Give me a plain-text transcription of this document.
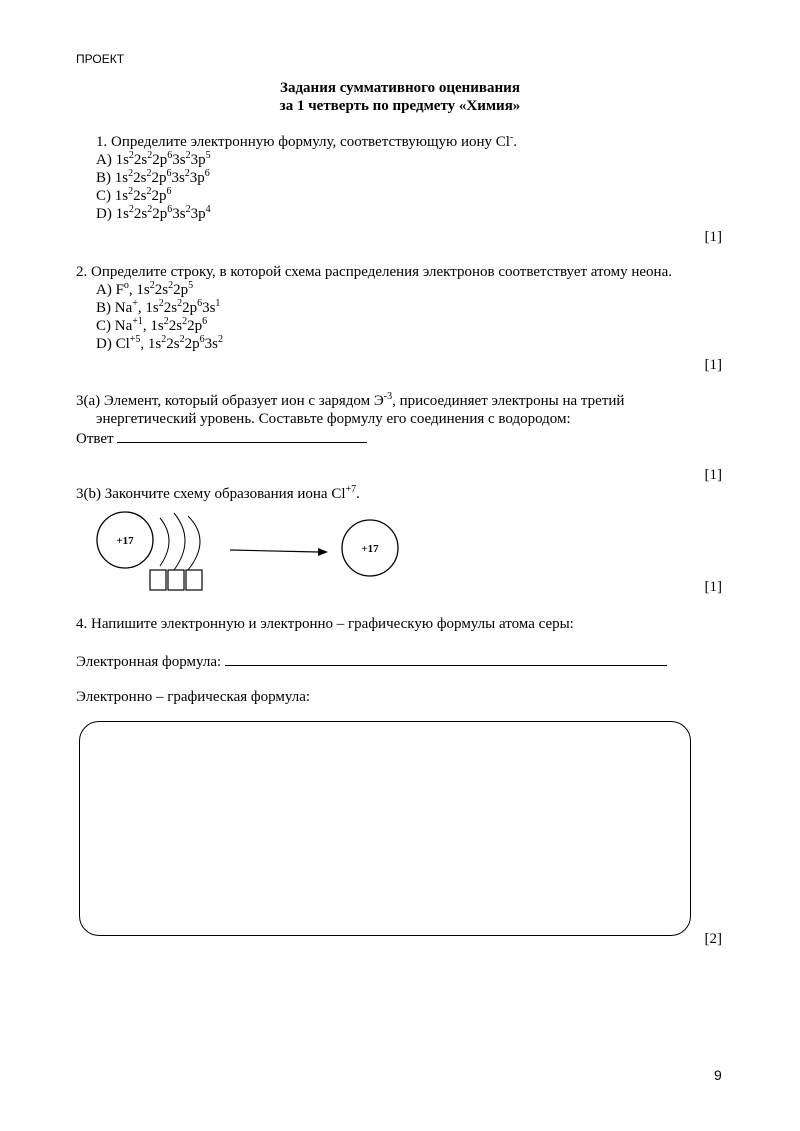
ПРОЕКТ
Задания суммативного оценивания
за 1 четверть по предмету «Химия»
1. Определите электронную формулу, соответствующую иону Cl-.
A) $1s^22s^22p^63s^23p^5$
B) $1s^22s^22p^63s^23p^6$
C) $1s^22s^22p^6$
D) $1s^22s^22p^63s^23p^4$
[1]
2. Определите строку, в которой схема распределения электронов соответствует атому неона.
A) $F^o$, $1s^22s^22p^5$
B) Na+, $1s^22s^22p^63s^1$
C) $Na^{+1}$, $1s^22s^22p^6$
D) $Cl^{+5}$, $1s^22s^22p^63s^2$
[1]
3(a) Элемент, который образует ион с зарядом $Э^{-3}$, присоединяет электроны на третий
энергетический уровень. Составьте формулу его соединения с водородом:
Ответ
[1]
3(b) Закончите схему образования иона $Cl^{+7}$.
+17
+17
[1]
4. Напишите электронную и электронно – графическую формулы атома серы:
Электронная формула:
Электронно – графическая формула:
[2]
9
